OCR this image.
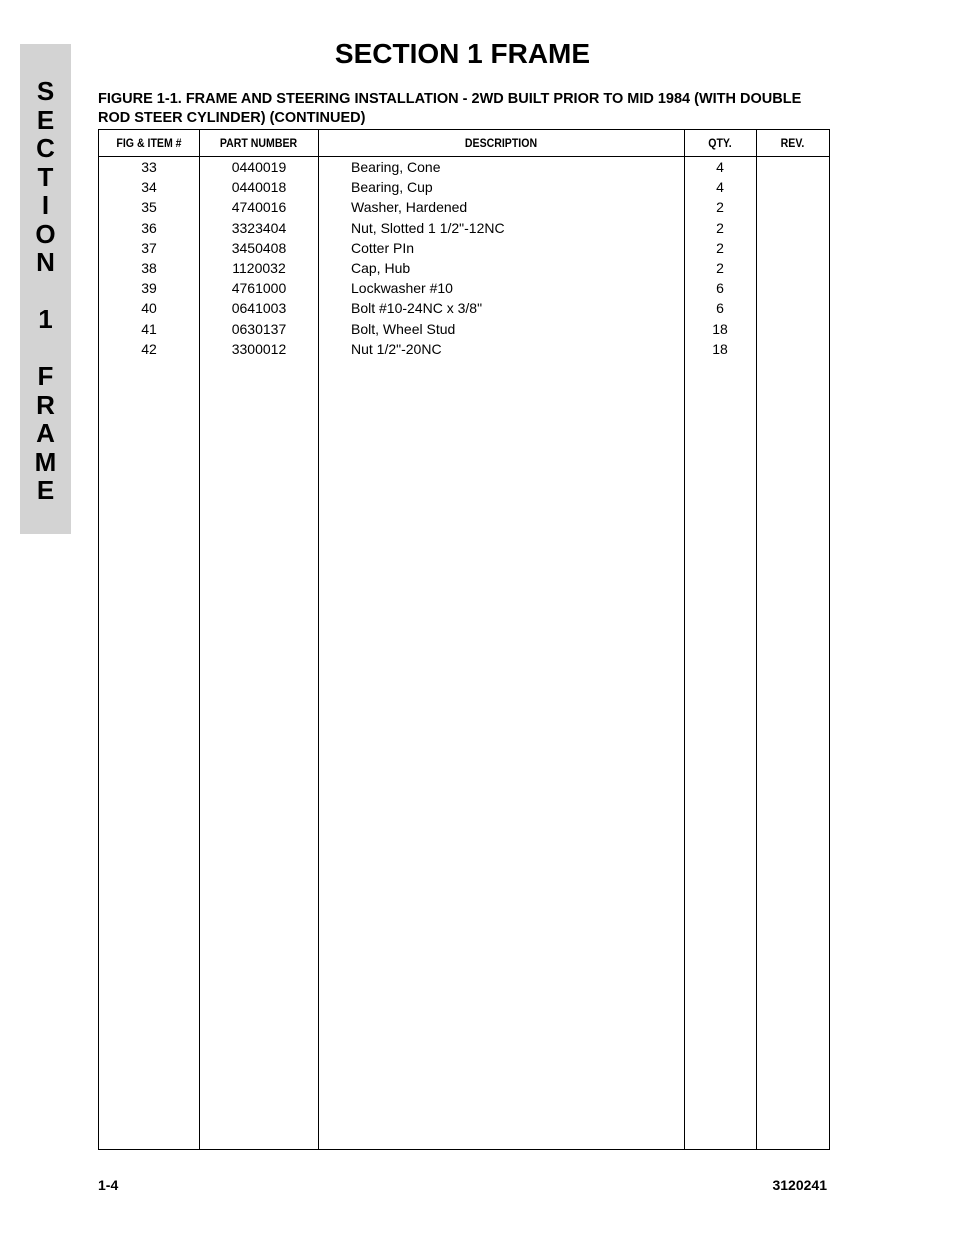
S
E
C
T
I
O
N
1
F
R
A
M
E
SECTION 1 FRAME
FIGURE 1-1. FRAME AND STEERING INSTALLATION - 2WD BUILT PRIOR TO MID 1984 (WITH DOUBLE ROD STEER CYLINDER) (CONTINUED)
FIG & ITEM #	PART NUMBER	DESCRIPTION	QTY.	REV.
33	0440019	Bearing, Cone	4
34	0440018	Bearing, Cup	4
35	4740016	Washer, Hardened	2
36	3323404	Nut, Slotted 1 1/2"-12NC	2
37	3450408	Cotter PIn	2
38	1120032	Cap, Hub	2
39	4761000	Lockwasher #10	6
40	0641003	Bolt #10-24NC x 3/8"	6
41	0630137	Bolt, Wheel Stud	18
42	3300012	Nut 1/2"-20NC	18
1-4	3120241
